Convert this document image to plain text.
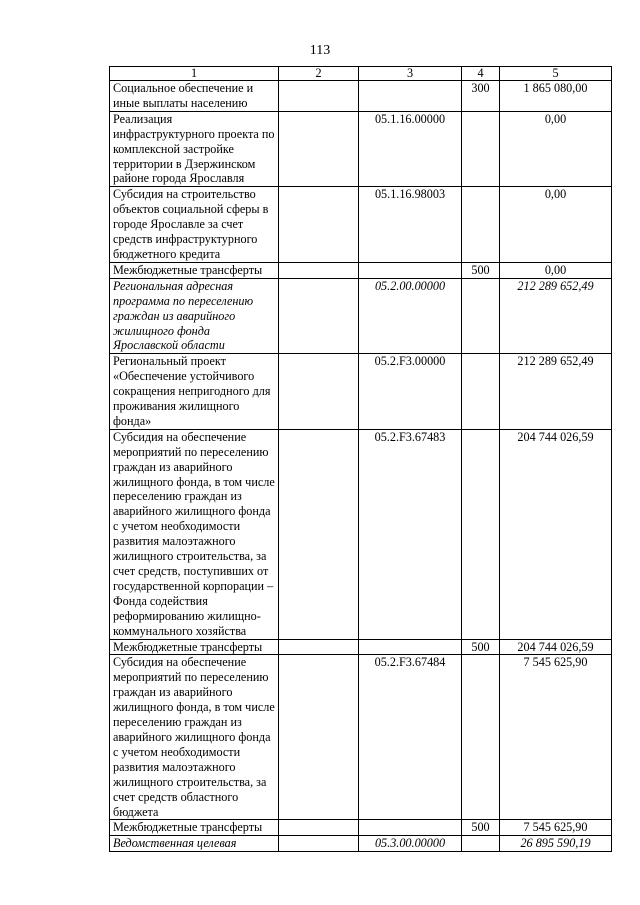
113
1	2	3	4	5
Социальное обеспечение и иные выплаты населению			300	1 865 080,00
Реализация инфраструктурного проекта по комплексной застройке территории в Дзержинском районе города Ярославля		05.1.16.00000		0,00
Субсидия на строительство объектов социальной сферы в городе Ярославле за счет средств инфраструктурного бюджетного кредита		05.1.16.98003		0,00
Межбюджетные трансферты			500	0,00
Региональная адресная программа по переселению граждан из аварийного жилищного фонда Ярославской области		05.2.00.00000		212 289 652,49
Региональный проект «Обеспечение устойчивого сокращения непригодного для проживания жилищного фонда»		05.2.F3.00000		212 289 652,49
Субсидия на обеспечение мероприятий по переселению граждан из аварийного жилищного фонда, в том числе переселению граждан из аварийного жилищного фонда с учетом необходимости развития малоэтажного жилищного строительства, за счет средств, поступивших от государственной корпорации – Фонда содействия реформированию жилищно-коммунального хозяйства		05.2.F3.67483		204 744 026,59
Межбюджетные трансферты			500	204 744 026,59
Субсидия на обеспечение мероприятий по переселению граждан из аварийного жилищного фонда, в том числе переселению граждан из аварийного жилищного фонда с учетом необходимости развития малоэтажного жилищного строительства, за счет средств областного бюджета		05.2.F3.67484		7 545 625,90
Межбюджетные трансферты			500	7 545 625,90
Ведомственная целевая		05.3.00.00000		26 895 590,19
